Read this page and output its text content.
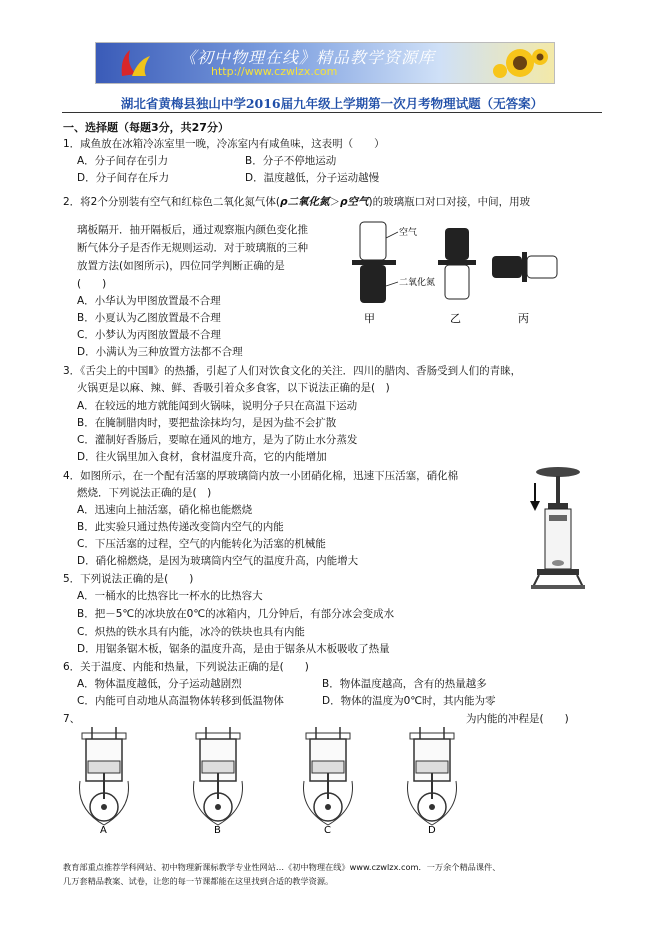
《初中物理在线》精品教学资源库
http://www.czwlzx.com
湖北省黄梅县独山中学2016届九年级上学期第一次月考物理试题（无答案）
一、选择题（每题3分，共27分）
1．咸鱼放在冰箱冷冻室里一晚，冷冻室内有咸鱼味，这表明（　　）
A．分子间存在引力	B．分子不停地运动
D．分子间存在斥力	D．温度越低，分子运动越慢
2．将2个分别装有空气和红棕色二氧化氮气体(ρ二氧化氮＞ρ空气)的玻璃瓶口对口对接，中间，用玻
璃板隔开．抽开隔板后，通过观察瓶内颜色变化推
断气体分子是否作无规则运动．对于玻璃瓶的三种
放置方法(如图所示)，四位同学判断正确的是
(　　)
A．小华认为甲图放置最不合理
B．小夏认为乙图放置最不合理
C．小梦认为丙图放置最不合理
D．小满认为三种放置方法都不合理
空气
二氧化氮
甲	乙	丙
3．《舌尖上的中国Ⅱ》的热播，引起了人们对饮食文化的关注．四川的腊肉、香肠受到人们的青睐，
火锅更是以麻、辣、鲜、香吸引着众多食客，以下说法正确的是(　)
A．在较远的地方就能闻到火锅味，说明分子只在高温下运动
B．在腌制腊肉时，要把盐涂抹均匀，是因为盐不会扩散
C．灌制好香肠后，要晾在通风的地方，是为了防止水分蒸发
D．往火锅里加入食材，食材温度升高，它的内能增加
4．如图所示，在一个配有活塞的厚玻璃筒内放一小团硝化棉，迅速下压活塞，硝化棉
燃烧．下列说法正确的是(　)
A．迅速向上抽活塞，硝化棉也能燃烧
B．此实验只通过热传递改变筒内空气的内能
C．下压活塞的过程，空气的内能转化为活塞的机械能
D．硝化棉燃烧，是因为玻璃筒内空气的温度升高，内能增大
5．下列说法正确的是(　　)
A．一桶水的比热容比一杯水的比热容大
B．把－5℃的冰块放在0℃的冰箱内，几分钟后，有部分冰会变成水
C．炽热的铁水具有内能，冰冷的铁块也具有内能
D．用锯条锯木板，锯条的温度升高，是由于锯条从木板吸收了热量
6．关于温度、内能和热量，下列说法正确的是(　　)
A．物体温度越低，分子运动越剧烈	B．物体温度越高，含有的热量越多
C．内能可自动地从高温物体转移到低温物体	D．物体的温度为0℃时，其内能为零
7、	为内能的冲程是(　　)
A	B	C	D
教育部重点推荐学科网站、初中物理新课标教学专业性网站…《初中物理在线》www.czwlzx.com．一万余个精品课件、
几万套精品教案、试卷，让您的每一节课都能在这里找到合适的教学资源。
